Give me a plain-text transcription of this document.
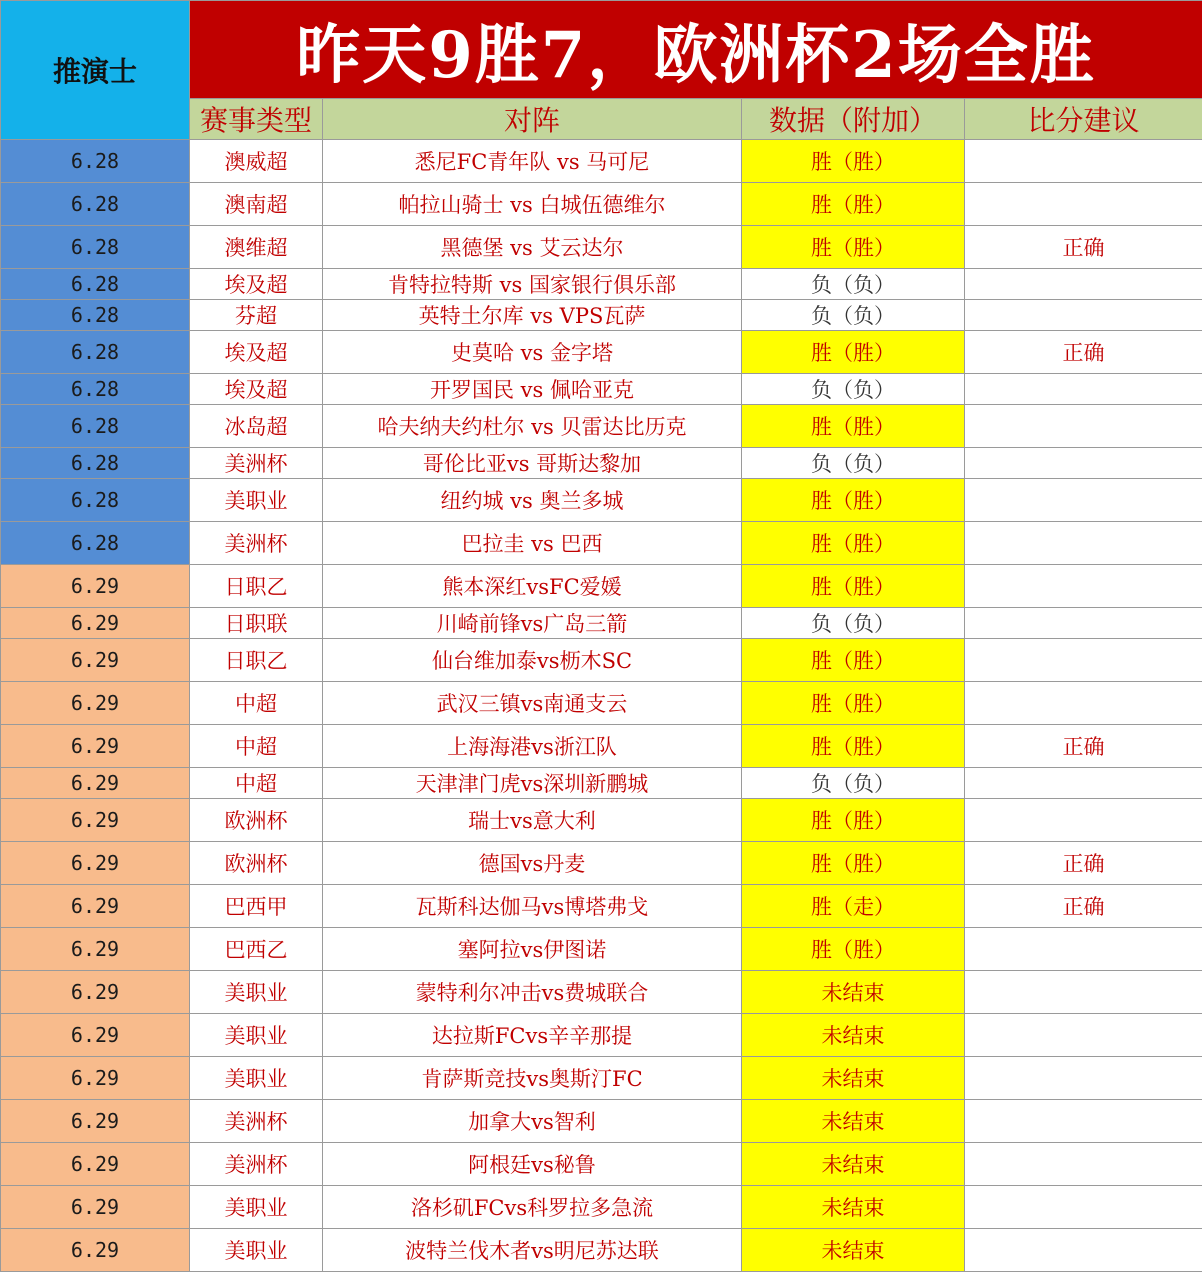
推演士	昨天9胜7，欧洲杯2场全胜			
	赛事类型	对阵	数据（附加）	比分建议
6.28	澳威超	悉尼FC青年队 vs 马可尼	胜（胜）	
6.28	澳南超	帕拉山骑士 vs 白城伍德维尔	胜（胜）	
6.28	澳维超	黑德堡 vs 艾云达尔	胜（胜）	正确
6.28	埃及超	肯特拉特斯 vs 国家银行俱乐部	负（负）	
6.28	芬超	英特土尔库 vs VPS瓦萨	负（负）	
6.28	埃及超	史莫哈 vs 金字塔	胜（胜）	正确
6.28	埃及超	开罗国民 vs 佩哈亚克	负（负）	
6.28	冰岛超	哈夫纳夫约杜尔 vs 贝雷达比历克	胜（胜）	
6.28	美洲杯	哥伦比亚vs 哥斯达黎加	负（负）	
6.28	美职业	纽约城 vs 奥兰多城	胜（胜）	
6.28	美洲杯	巴拉圭 vs 巴西	胜（胜）	
6.29	日职乙	熊本深红vsFC爱媛	胜（胜）	
6.29	日职联	川崎前锋vs广岛三箭	负（负）	
6.29	日职乙	仙台维加泰vs枥木SC	胜（胜）	
6.29	中超	武汉三镇vs南通支云	胜（胜）	
6.29	中超	上海海港vs浙江队	胜（胜）	正确
6.29	中超	天津津门虎vs深圳新鹏城	负（负）	
6.29	欧洲杯	瑞士vs意大利	胜（胜）	
6.29	欧洲杯	德国vs丹麦	胜（胜）	正确
6.29	巴西甲	瓦斯科达伽马vs博塔弗戈	胜（走）	正确
6.29	巴西乙	塞阿拉vs伊图诺	胜（胜）	
6.29	美职业	蒙特利尔冲击vs费城联合	未结束	
6.29	美职业	达拉斯FCvs辛辛那提	未结束	
6.29	美职业	肯萨斯竞技vs奥斯汀FC	未结束	
6.29	美洲杯	加拿大vs智利	未结束	
6.29	美洲杯	阿根廷vs秘鲁	未结束	
6.29	美职业	洛杉矶FCvs科罗拉多急流	未结束	
6.29	美职业	波特兰伐木者vs明尼苏达联	未结束	
